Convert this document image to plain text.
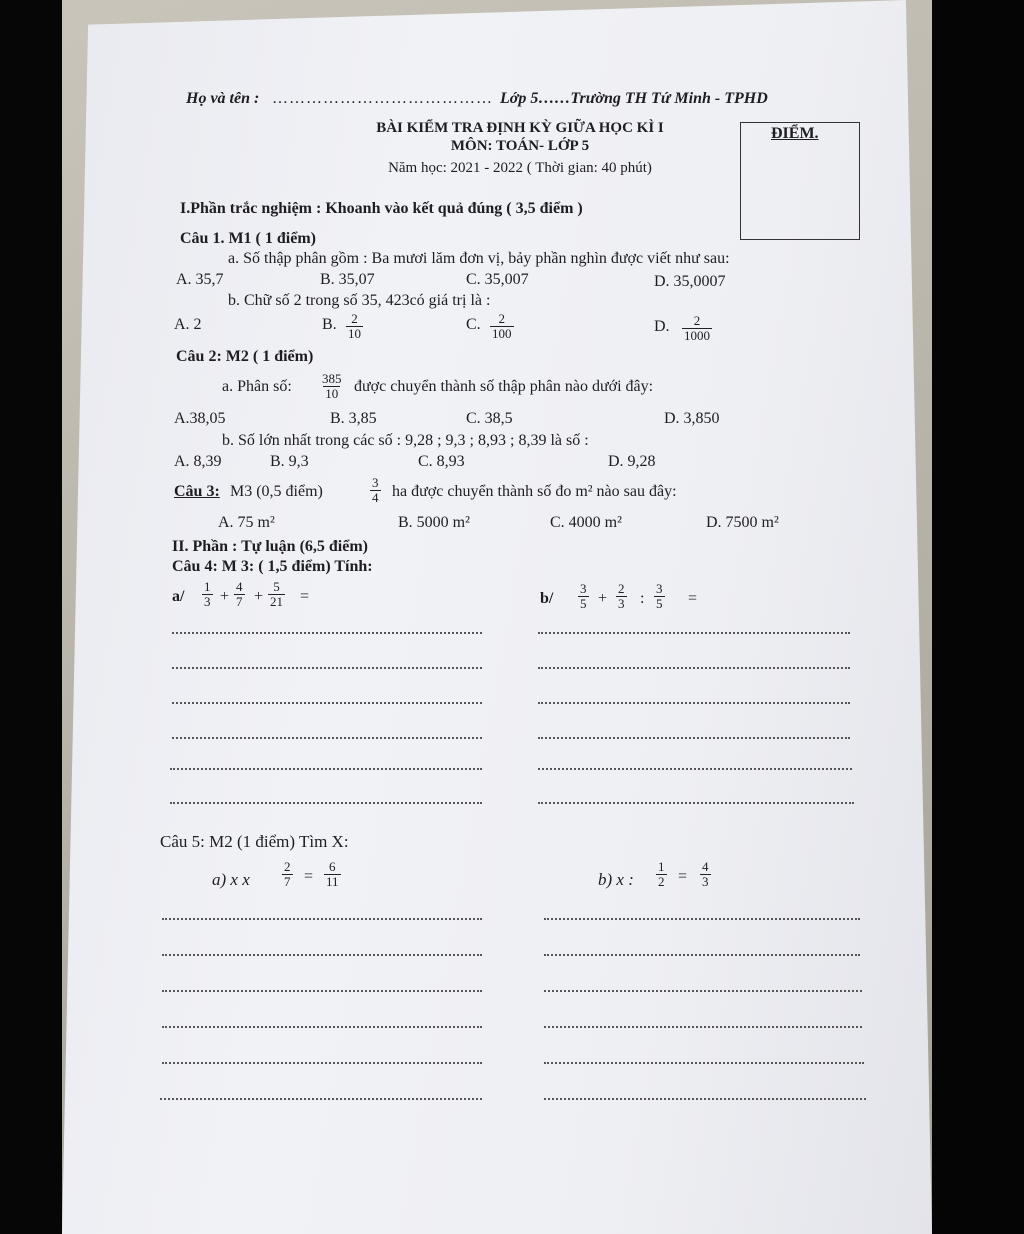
Họ và tên : ………………………………… Lớp 5……Trường TH Tứ Minh - TPHD
BÀI KIỂM TRA ĐỊNH KỲ GIỮA HỌC KÌ I
MÔN: TOÁN- LỚP 5
Năm học: 2021 - 2022 ( Thời gian: 40 phút)
ĐIỂM.
I.Phần trắc nghiệm : Khoanh vào kết quả đúng ( 3,5 điểm )
Câu 1. M1 ( 1 điểm)
a. Số thập phân gồm : Ba mươi lăm đơn vị, bảy phần nghìn được viết như sau:
A. 35,7	B. 35,07	C. 35,007	D. 35,0007
b. Chữ số 2 trong số 35, 423có giá trị là :
A. 2	B. $\frac{2}{10}$	C. $\frac{2}{100}$	D. $\frac{2}{1000}$
Câu 2: M2 ( 1 điểm)
a. Phân số: $\frac{385}{10}$ được chuyển thành số thập phân nào dưới đây:
A.38,05	B. 3,85	C. 38,5	D. 3,850
b. Số lớn nhất trong các số : 9,28 ; 9,3 ; 8,93 ; 8,39 là số :
A. 8,39	B. 9,3	C. 8,93	D. 9,28
Câu 3: M3 (0,5 điểm)	$\frac{3}{4}$ ha được chuyển thành số đo m² nào sau đây:
A. 75 m²	B. 5000 m²	C. 4000 m²	D. 7500 m²
II. Phần : Tự luận (6,5 điểm)
Câu 4: M 3: ( 1,5 điểm) Tính:
$a/ \frac{1}{3} + \frac{4}{7} + \frac{5}{21}$ =	$b/ \frac{3}{5} + \frac{2}{3}$ : $\frac{3}{5}$ =
Câu 5: M2 (1 điểm) Tìm X:
a) x x $\frac{2}{7} = \frac{6}{11}$	b) x : $\frac{1}{2} = \frac{4}{3}$
